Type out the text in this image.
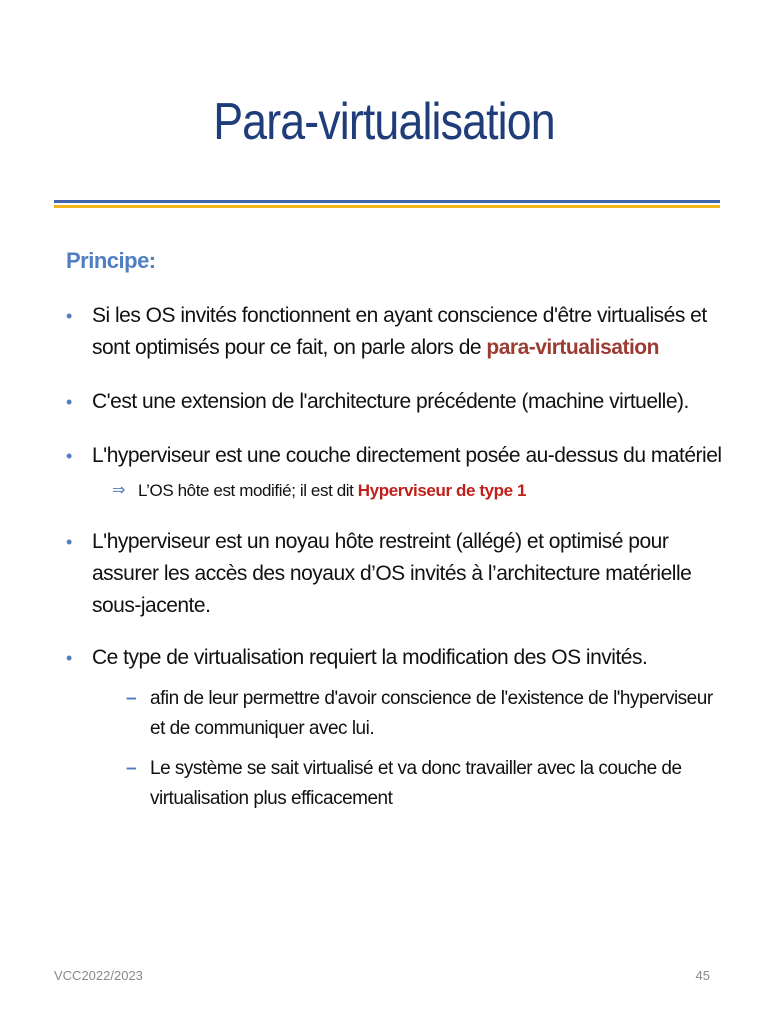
Para-virtualisation
Principe:
• Si les OS invités fonctionnent en ayant conscience d'être virtualisés et sont optimisés pour ce fait, on parle alors de para-virtualisation
• C'est une extension de l'architecture précédente (machine virtuelle).
• L'hyperviseur est une couche directement posée au-dessus du matériel
⇒ L’OS hôte est modifié; il est dit Hyperviseur de type 1
• L'hyperviseur est un noyau hôte restreint (allégé) et optimisé pour assurer les accès des noyaux d’OS invités à l’architecture matérielle sous-jacente.
• Ce type de virtualisation requiert la modification des OS invités.
– afin de leur permettre d'avoir conscience de l'existence de l'hyperviseur et de communiquer avec lui.
– Le système se sait virtualisé et va donc travailler avec la couche de virtualisation plus efficacement
VCC2022/2023	45
